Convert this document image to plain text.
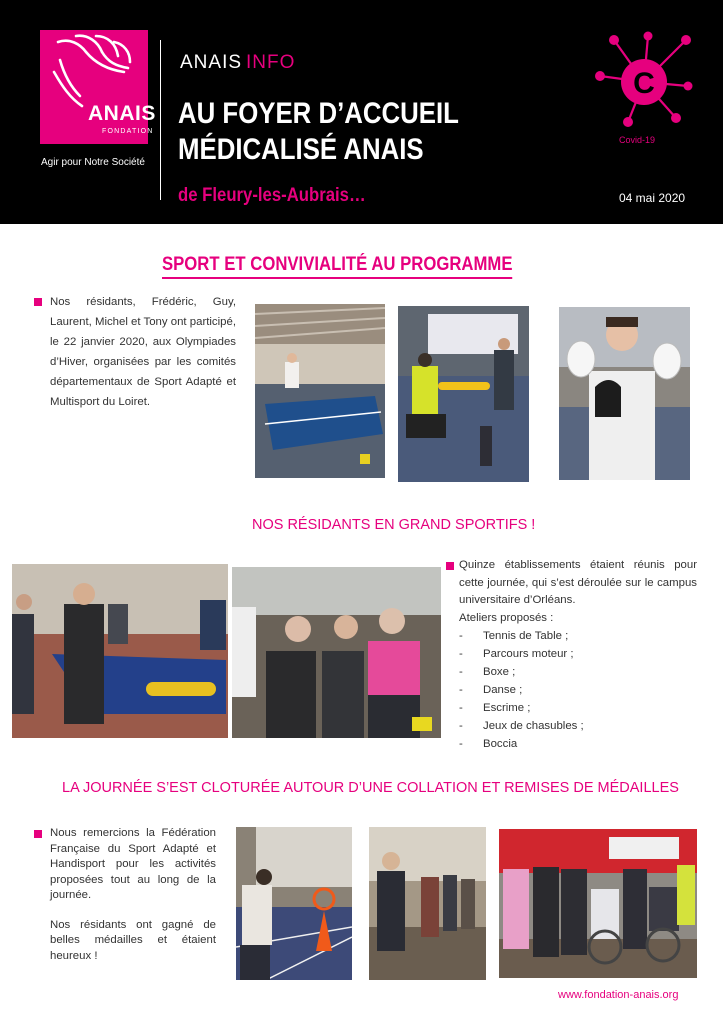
ANAIS
FONDATION
Agir pour Notre Société
ANAIS INFO
AU FOYER D’ACCUEIL
MÉDICALISÉ ANAIS
de Fleury-les-Aubrais…
C
Covid-19
04 mai 2020
SPORT ET CONVIVIALITÉ AU PROGRAMME
Nos résidants, Frédéric, Guy, Laurent, Michel et Tony ont participé, le 22 janvier 2020, aux Olympiades d’Hiver, organisées par les comités départementaux de Sport Adapté et Multisport du Loiret.
NOS RÉSIDANTS EN GRAND SPORTIFS !
Quinze établissements étaient réunis pour cette journée, qui s’est déroulée sur le campus universitaire d’Orléans.
Ateliers proposés :
-	Tennis de Table ;
-	Parcours moteur ;
-	Boxe ;
-	Danse ;
-	Escrime ;
-	Jeux de chasubles ;
-	Boccia
LA JOURNÉE S’EST CLOTURÉE AUTOUR D’UNE COLLATION ET REMISES DE MÉDAILLES
Nous remercions la Fédération Française du Sport Adapté et Handisport pour les activités proposées tout au long de la journée.
Nos résidants ont gagné de belles médailles et étaient heureux !
www.fondation-anais.org
